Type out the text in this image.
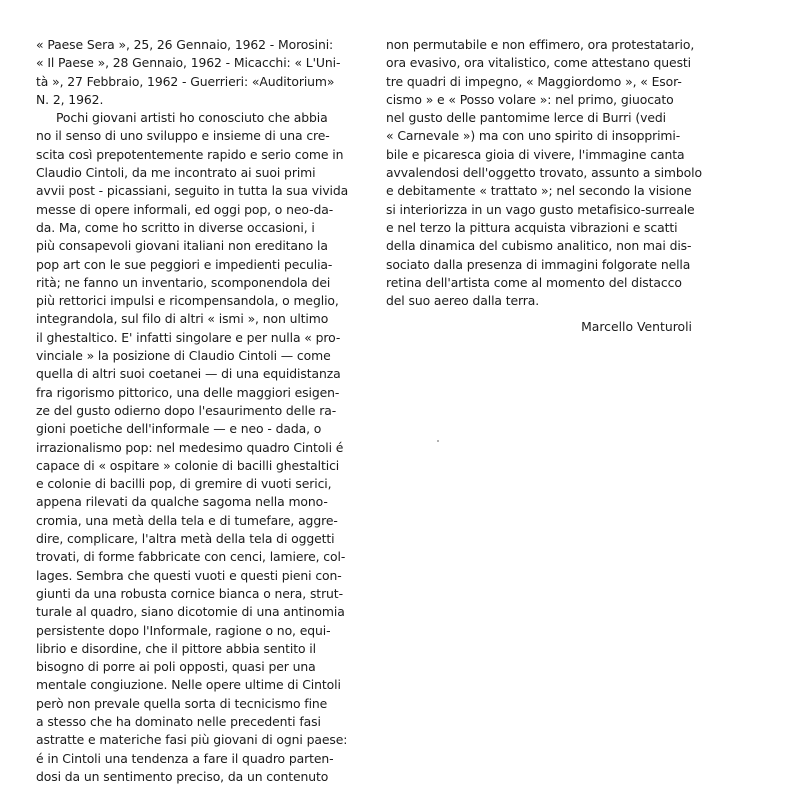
« Paese Sera », 25, 26 Gennaio, 1962 - Morosini:
« Il Paese », 28 Gennaio, 1962 - Micacchi: « L'Uni-
tà », 27 Febbraio, 1962 - Guerrieri: «Auditorium»
N. 2, 1962.
Pochi giovani artisti ho conosciuto che abbia
no il senso di uno sviluppo e insieme di una cre-
scita così prepotentemente rapido e serio come in
Claudio Cintoli, da me incontrato ai suoi primi
avvii post - picassiani, seguito in tutta la sua vivida
messe di opere informali, ed oggi pop, o neo-da-
da. Ma, come ho scritto in diverse occasioni, i
più consapevoli giovani italiani non ereditano la
pop art con le sue peggiori e impedienti peculia-
rità; ne fanno un inventario, scomponendola dei
più rettorici impulsi e ricompensandola, o meglio,
integrandola, sul filo di altri « ismi », non ultimo
il ghestaltico. E' infatti singolare e per nulla « pro-
vinciale » la posizione di Claudio Cintoli — come
quella di altri suoi coetanei — di una equidistanza
fra rigorismo pittorico, una delle maggiori esigen-
ze del gusto odierno dopo l'esaurimento delle ra-
gioni poetiche dell'informale — e neo - dada, o
irrazionalismo pop: nel medesimo quadro Cintoli é
capace di « ospitare » colonie di bacilli ghestaltici
e colonie di bacilli pop, di gremire di vuoti serici,
appena rilevati da qualche sagoma nella mono-
cromia, una metà della tela e di tumefare, aggre-
dire, complicare, l'altra metà della tela di oggetti
trovati, di forme fabbricate con cenci, lamiere, col-
lages. Sembra che questi vuoti e questi pieni con-
giunti da una robusta cornice bianca o nera, strut-
turale al quadro, siano dicotomie di una antinomia
persistente dopo l'Informale, ragione o no, equi-
librio e disordine, che il pittore abbia sentito il
bisogno di porre ai poli opposti, quasi per una
mentale congiuzione. Nelle opere ultime di Cintoli
però non prevale quella sorta di tecnicismo fine
a stesso che ha dominato nelle precedenti fasi
astratte e materiche fasi più giovani di ogni paese:
é in Cintoli una tendenza a fare il quadro parten-
dosi da un sentimento preciso, da un contenuto
non permutabile e non effimero, ora protestatario,
ora evasivo, ora vitalistico, come attestano questi
tre quadri di impegno, « Maggiordomo », « Esor-
cismo » e « Posso volare »: nel primo, giuocato
nel gusto delle pantomime lerce di Burri (vedi
« Carnevale ») ma con uno spirito di insopprimi-
bile e picaresca gioia di vivere, l'immagine canta
avvalendosi dell'oggetto trovato, assunto a simbolo
e debitamente « trattato »; nel secondo la visione
si interiorizza in un vago gusto metafisico-surreale
e nel terzo la pittura acquista vibrazioni e scatti
della dinamica del cubismo analitico, non mai dis-
sociato dalla presenza di immagini folgorate nella
retina dell'artista come al momento del distacco
del suo aereo dalla terra.
Marcello Venturoli
